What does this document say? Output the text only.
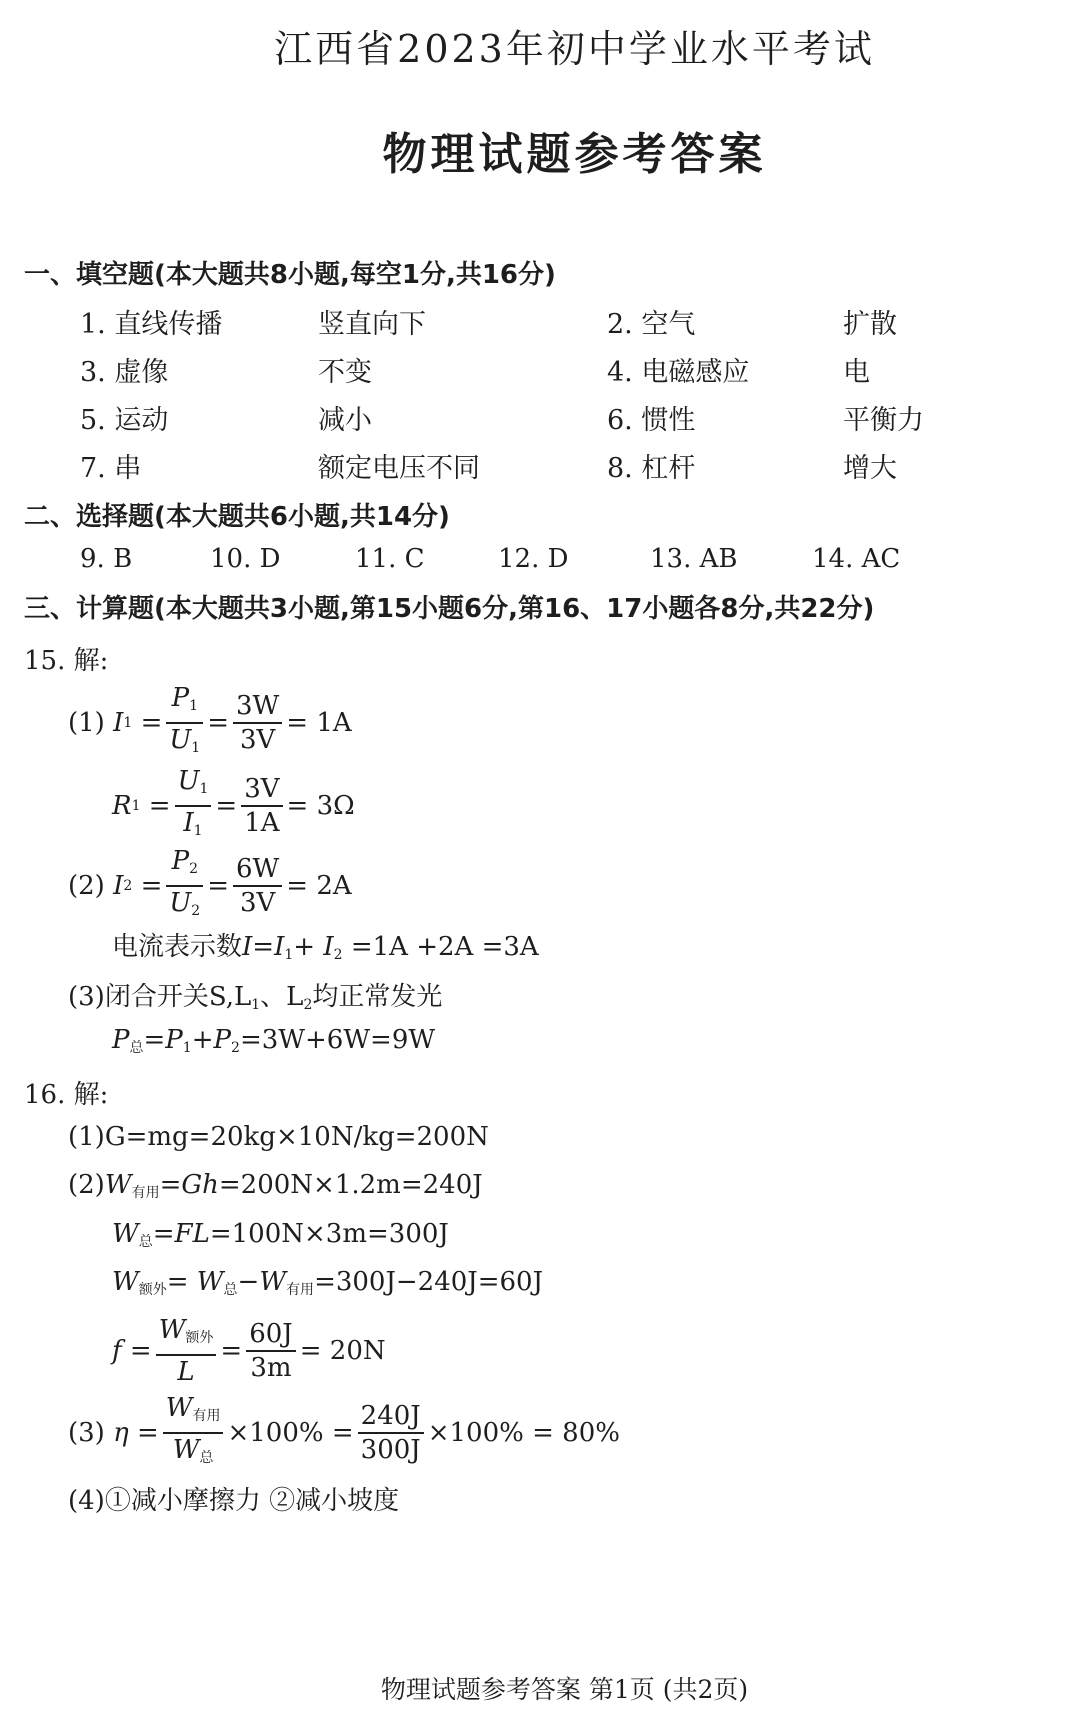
江西省2023年初中学业水平考试
物理试题参考答案
一、填空题(本大题共8小题,每空1分,共16分)
1. 直线传播	竖直向下	2. 空气	扩散
3. 虚像	不变	4. 电磁感应	电
5. 运动	减小	6. 惯性	平衡力
7. 串	额定电压不同	8. 杠杆	增大
二、选择题(本大题共6小题,共14分)
9. B	10. D	11. C	12. D	13. AB	14. AC
三、计算题(本大题共3小题,第15小题6分,第16、17小题各8分,共22分)
15. 解:
(1) I $1 = \frac{P_1}{U_1} = \frac{3W}{3V} = 1A$
R $1 = \frac{U_1}{I_1} = \frac{3V}{1A} = 3\Omega$
(2) I $2 = \frac{P_2}{U_2} = \frac{6W}{3V} = 2A$
电流表示数$I=I_1+ I_2 =1A +2A =3A$
(3)闭合开关$S,L_1$、$L_2$均正常发光
$P_总=P_1+P_2=3W+6W=9W$
16. 解:
(1)G=mg=20kg×10N/kg=200N
$(2)W_{有用}=Gh=200N\times 1.2m=240J$
$W_总=FL=100N\times 3m=300J$
$W_{额外}= W_总-W_{有用}=300J-240J=60J$
$f = \frac{W_{额外}}{L} = \frac{60J}{3m} = 20N$
(3) $\eta = \frac{W_{有用}}{W_总} \times 100\% = \frac{240J}{300J} \times 100\% = 80\%$
(4)①减小摩擦力 ②减小坡度
物理试题参考答案 第1页 (共2页)
